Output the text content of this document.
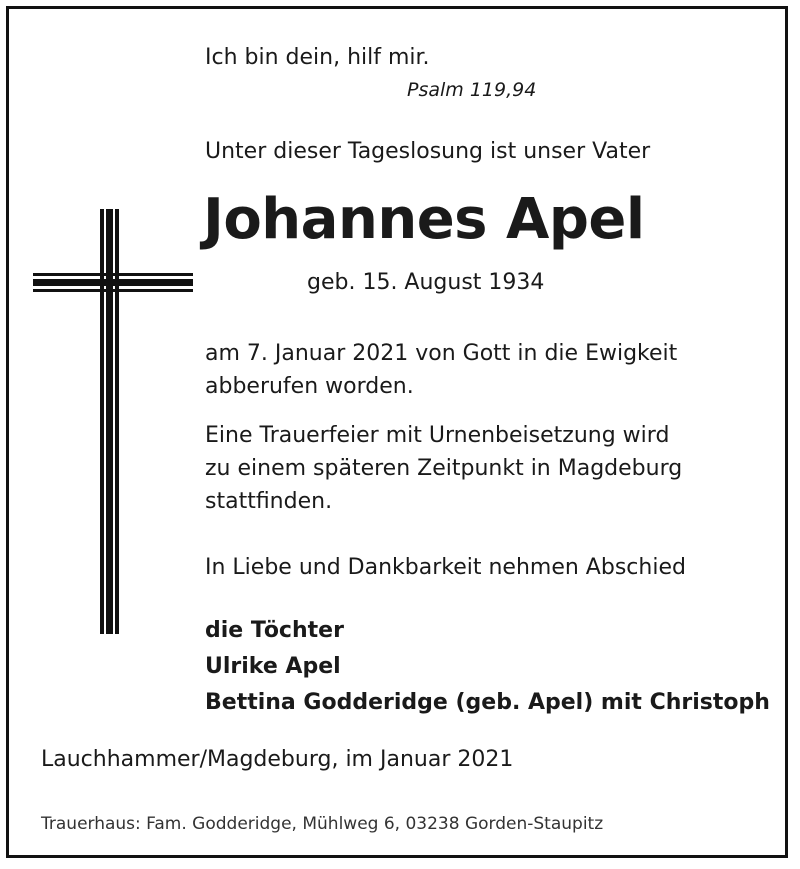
Ich bin dein, hilf mir.
Psalm 119,94
Unter dieser Tageslosung ist unser Vater
Johannes Apel
geb. 15. August 1934
am 7. Januar 2021 von Gott in die Ewigkeit
abberufen worden.
Eine Trauerfeier mit Urnenbeisetzung wird
zu einem späteren Zeitpunkt in Magdeburg
stattfinden.
In Liebe und Dankbarkeit nehmen Abschied
die Töchter
Ulrike Apel
Bettina Godderidge (geb. Apel) mit Christoph
Lauchhammer/Magdeburg, im Januar 2021
Trauerhaus: Fam. Godderidge, Mühlweg 6, 03238 Gorden-Staupitz
